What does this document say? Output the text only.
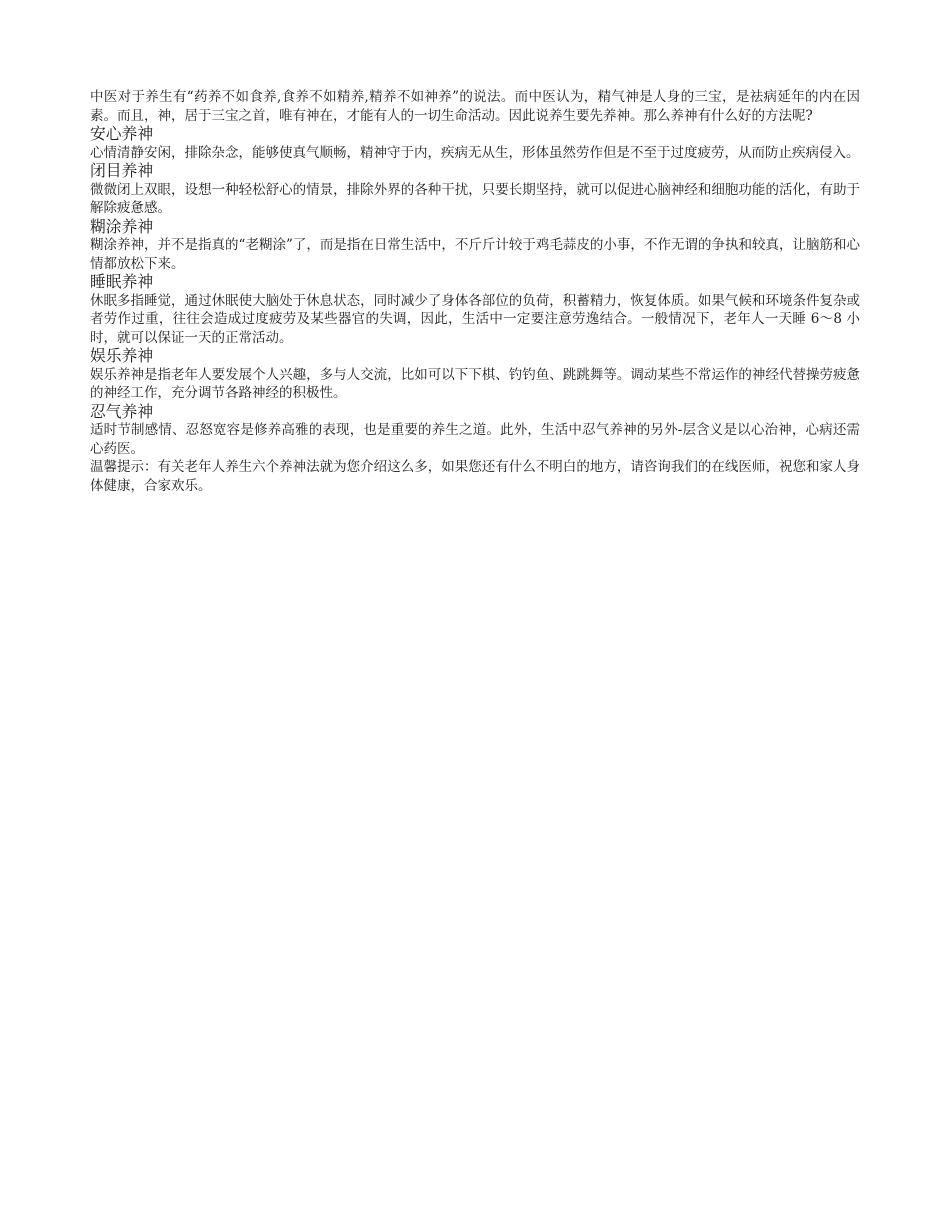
中医对于养生有“药养不如食养,食养不如精养,精养不如神养”的说法。而中医认为，精气神是人身的三宝，是祛病延年的内在因素。而且，神，居于三宝之首，唯有神在，才能有人的一切生命活动。因此说养生要先养神。那么养神有什么好的方法呢?

安心养神

心情清静安闲，排除杂念，能够使真气顺畅，精神守于内，疾病无从生，形体虽然劳作但是不至于过度疲劳，从而防止疾病侵入。

闭目养神

微微闭上双眼，设想一种轻松舒心的情景，排除外界的各种干扰，只要长期坚持，就可以促进心脑神经和细胞功能的活化，有助于解除疲惫感。

糊涂养神

糊涂养神，并不是指真的“老糊涂”了，而是指在日常生活中，不斤斤计较于鸡毛蒜皮的小事，不作无谓的争执和较真，让脑筋和心情都放松下来。

睡眠养神

休眠多指睡觉，通过休眠使大脑处于休息状态，同时减少了身体各部位的负荷，积蓄精力，恢复体质。如果气候和环境条件复杂或者劳作过重，往往会造成过度疲劳及某些器官的失调，因此，生活中一定要注意劳逸结合。一般情况下，老年人一天睡 6～8 小时，就可以保证一天的正常活动。

娱乐养神

娱乐养神是指老年人要发展个人兴趣，多与人交流，比如可以下下棋、钓钓鱼、跳跳舞等。调动某些不常运作的神经代替操劳疲惫的神经工作，充分调节各路神经的积极性。

忍气养神

适时节制感情、忍怒宽容是修养高雅的表现，也是重要的养生之道。此外，生活中忍气养神的另外-层含义是以心治神，心病还需心药医。

温馨提示：有关老年人养生六个养神法就为您介绍这么多，如果您还有什么不明白的地方，请咨询我们的在线医师，祝您和家人身体健康，合家欢乐。
